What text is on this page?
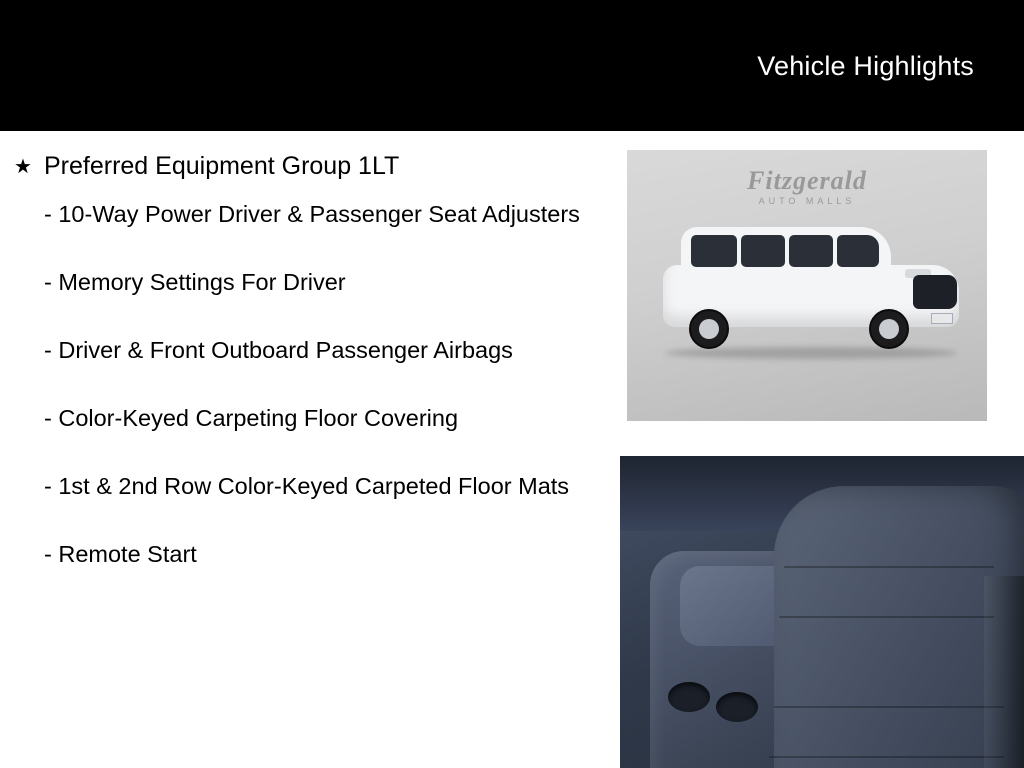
Vehicle Highlights
★ Preferred Equipment Group 1LT
- 10-Way Power Driver & Passenger Seat Adjusters
- Memory Settings For Driver
- Driver & Front Outboard Passenger Airbags
- Color-Keyed Carpeting Floor Covering
- 1st & 2nd Row Color-Keyed Carpeted Floor Mats
- Remote Start
Fitzgerald
AUTO MALLS
